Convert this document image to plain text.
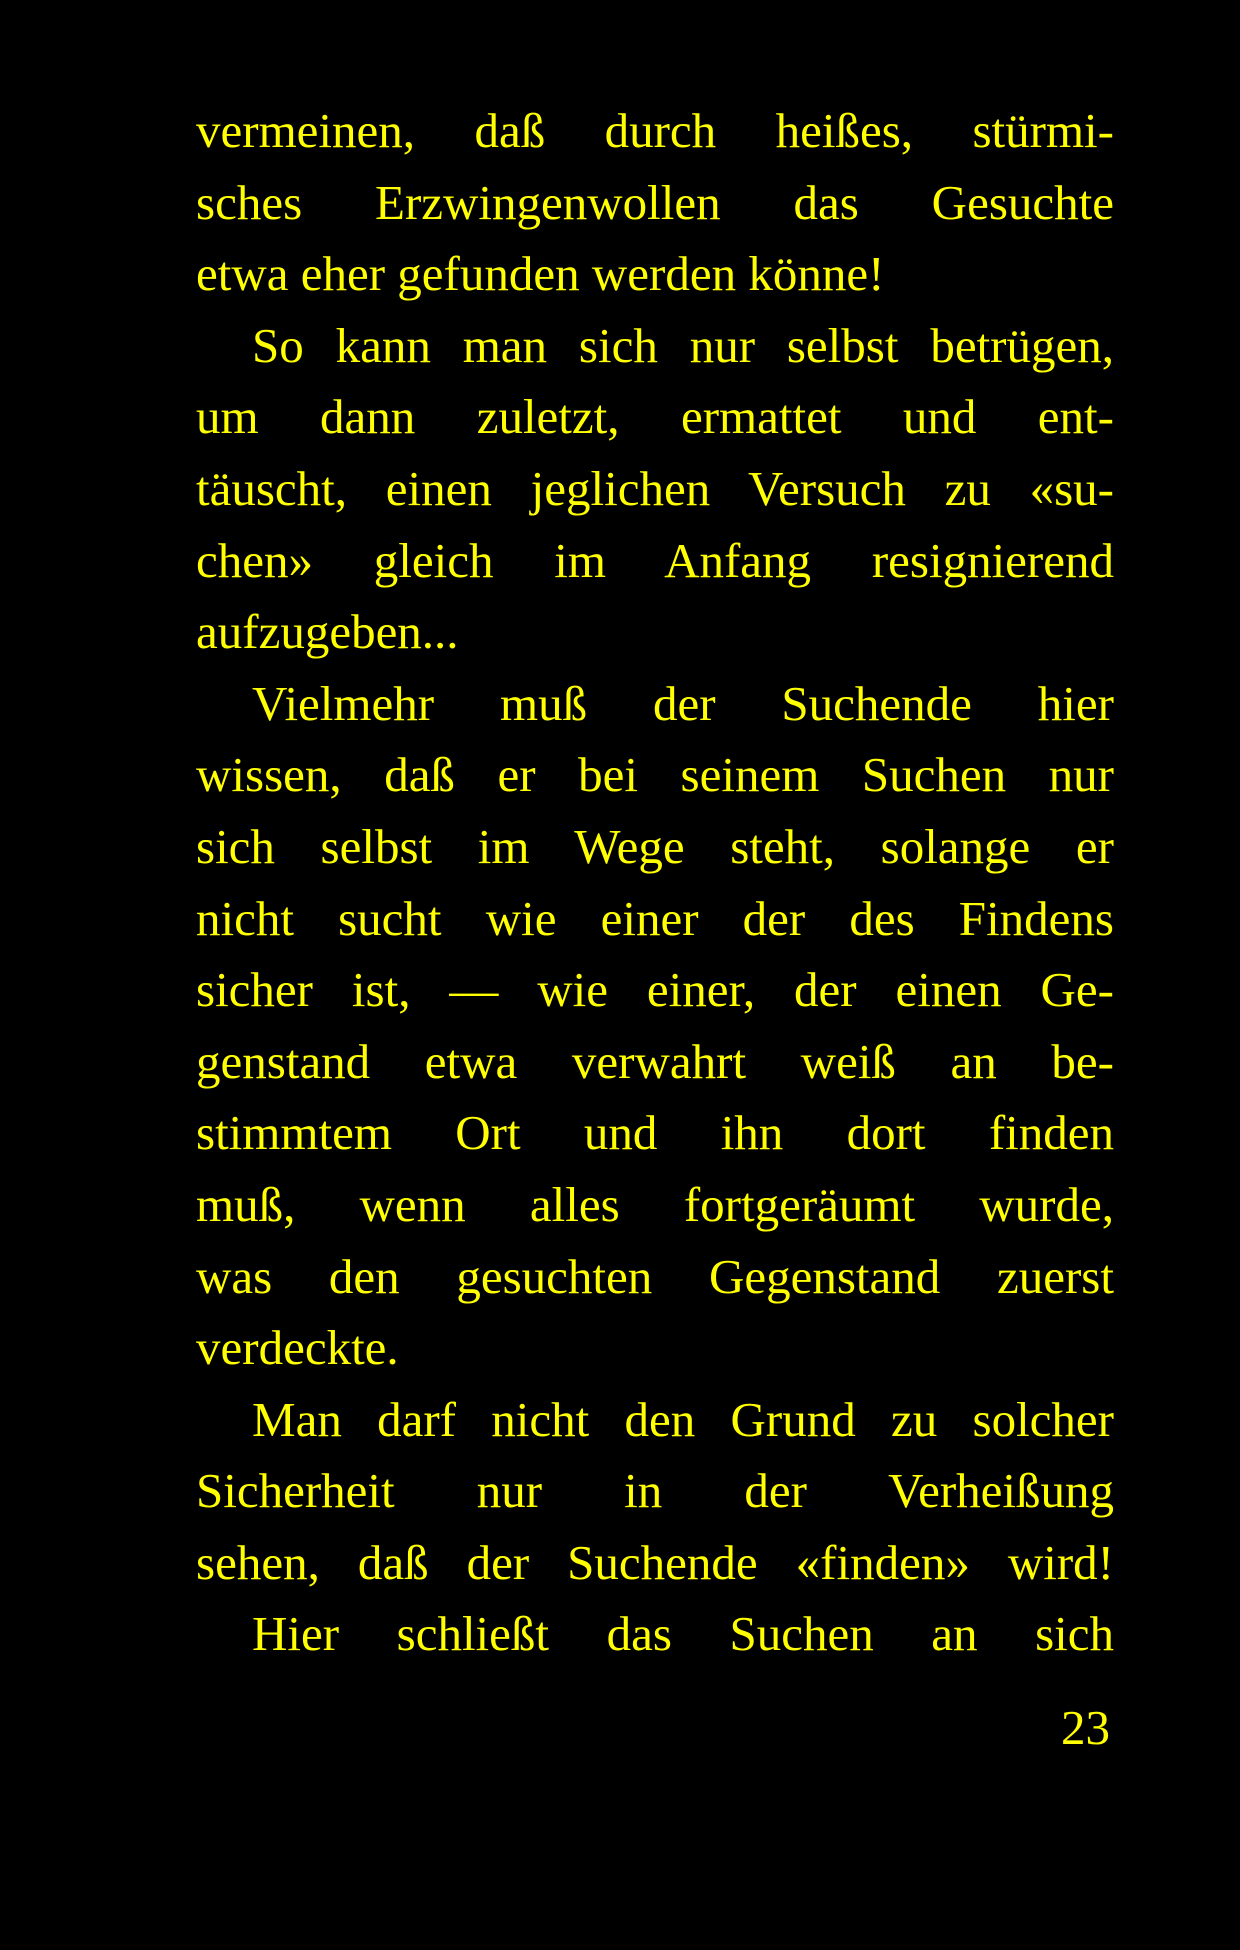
vermeinen, daß durch heißes, stürmi-
sches Erzwingenwollen das Gesuchte
etwa eher gefunden werden könne!
So kann man sich nur selbst betrügen,
um dann zuletzt, ermattet und ent-
täuscht, einen jeglichen Versuch zu «su-
chen» gleich im Anfang resignierend
aufzugeben...
Vielmehr muß der Suchende hier
wissen, daß er bei seinem Suchen nur
sich selbst im Wege steht, solange er
nicht sucht wie einer der des Findens
sicher ist, — wie einer, der einen Ge-
genstand etwa verwahrt weiß an be-
stimmtem Ort und ihn dort finden
muß, wenn alles fortgeräumt wurde,
was den gesuchten Gegenstand zuerst
verdeckte.
Man darf nicht den Grund zu solcher
Sicherheit nur in der Verheißung
sehen, daß der Suchende «finden» wird!
Hier schließt das Suchen an sich
23
